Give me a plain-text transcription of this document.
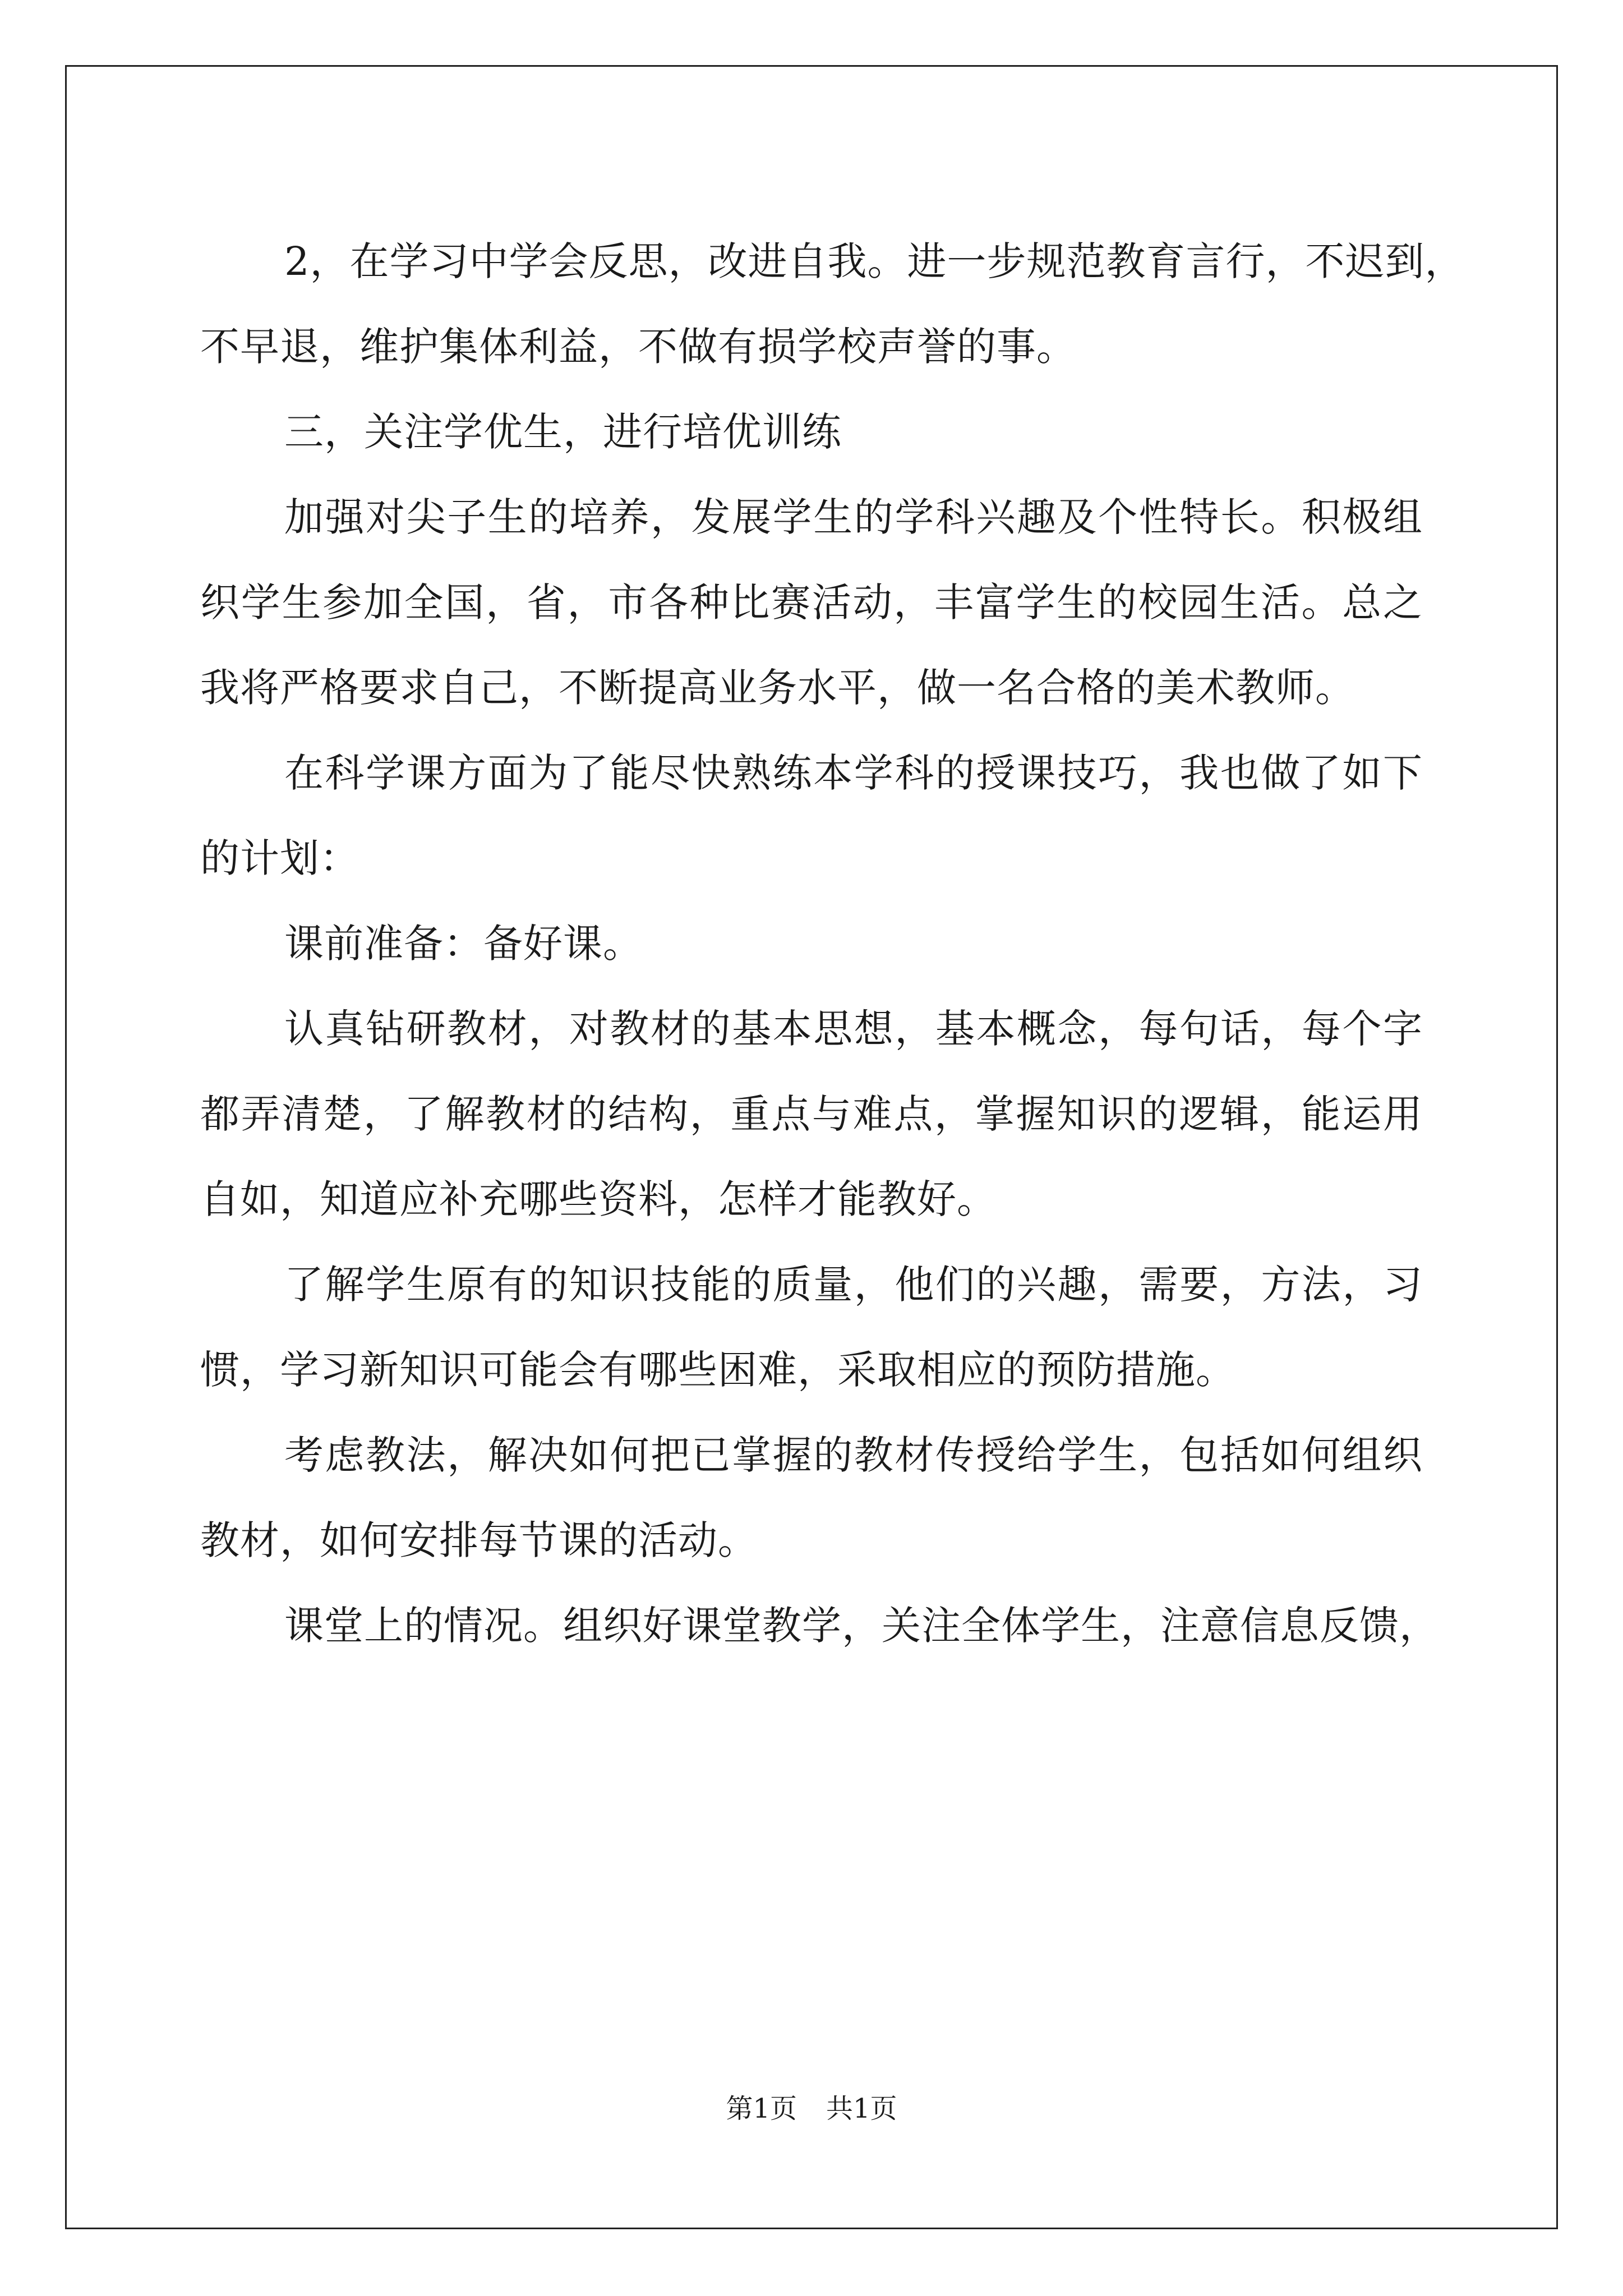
2，在学习中学会反思，改进自我。进一步规范教育言行，不迟到，
不早退，维护集体利益，不做有损学校声誉的事。
三，关注学优生，进行培优训练
加强对尖子生的培养，发展学生的学科兴趣及个性特长。积极组
织学生参加全国，省，市各种比赛活动，丰富学生的校园生活。总之
我将严格要求自己，不断提高业务水平，做一名合格的美术教师。
在科学课方面为了能尽快熟练本学科的授课技巧，我也做了如下
的计划：
课前准备：备好课。
认真钻研教材，对教材的基本思想，基本概念，每句话，每个字
都弄清楚，了解教材的结构，重点与难点，掌握知识的逻辑，能运用
自如，知道应补充哪些资料，怎样才能教好。
了解学生原有的知识技能的质量，他们的兴趣，需要，方法，习
惯，学习新知识可能会有哪些困难，采取相应的预防措施。
考虑教法，解决如何把已掌握的教材传授给学生，包括如何组织
教材，如何安排每节课的活动。
课堂上的情况。组织好课堂教学，关注全体学生，注意信息反馈，
第1页 共1页
